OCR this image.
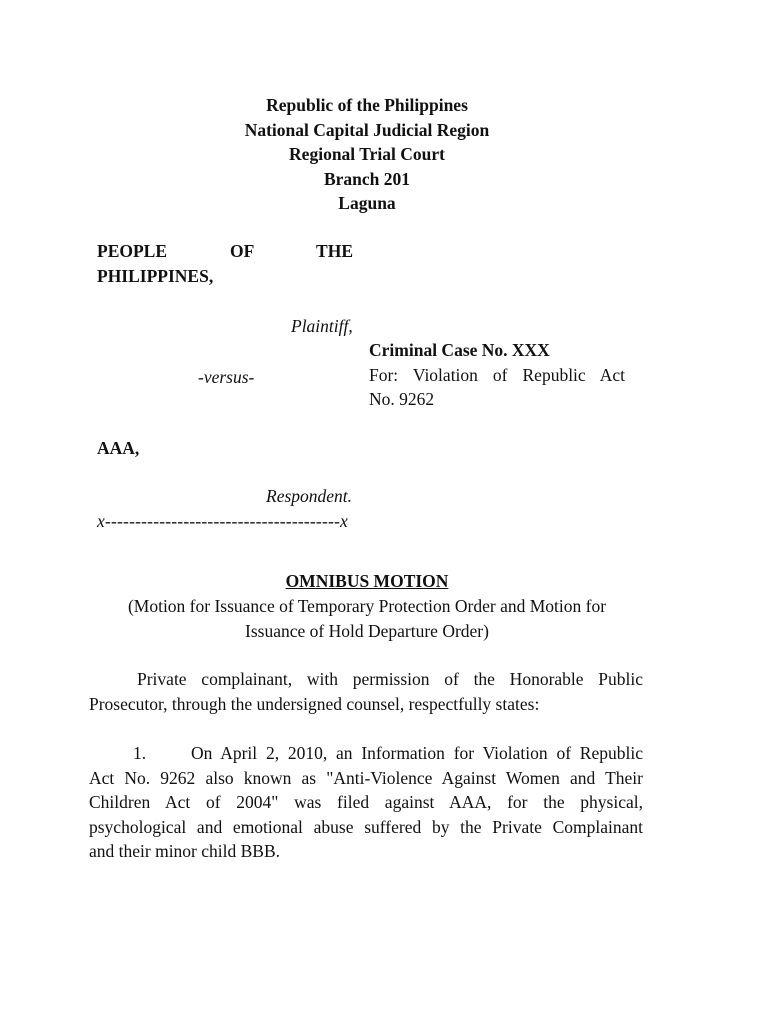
Republic of the Philippines
National Capital Judicial Region
Regional Trial Court
Branch 201
Laguna
PEOPLE	OF	THE
PHILIPPINES,
Plaintiff,
-versus-
AAA,
Respondent.
x---------------------------------------x
Criminal Case No. XXX
For: Violation of Republic Act
No. 9262
OMNIBUS MOTION
(Motion for Issuance of Temporary Protection Order and Motion for
Issuance of Hold Departure Order)
Private complainant, with permission of the Honorable Public
Prosecutor, through the undersigned counsel, respectfully states:
1.	On April 2, 2010, an Information for Violation of Republic
Act No. 9262 also known as "Anti-Violence Against Women and Their
Children Act of 2004" was filed against AAA, for the physical,
psychological and emotional abuse suffered by the Private Complainant
and their minor child BBB.
